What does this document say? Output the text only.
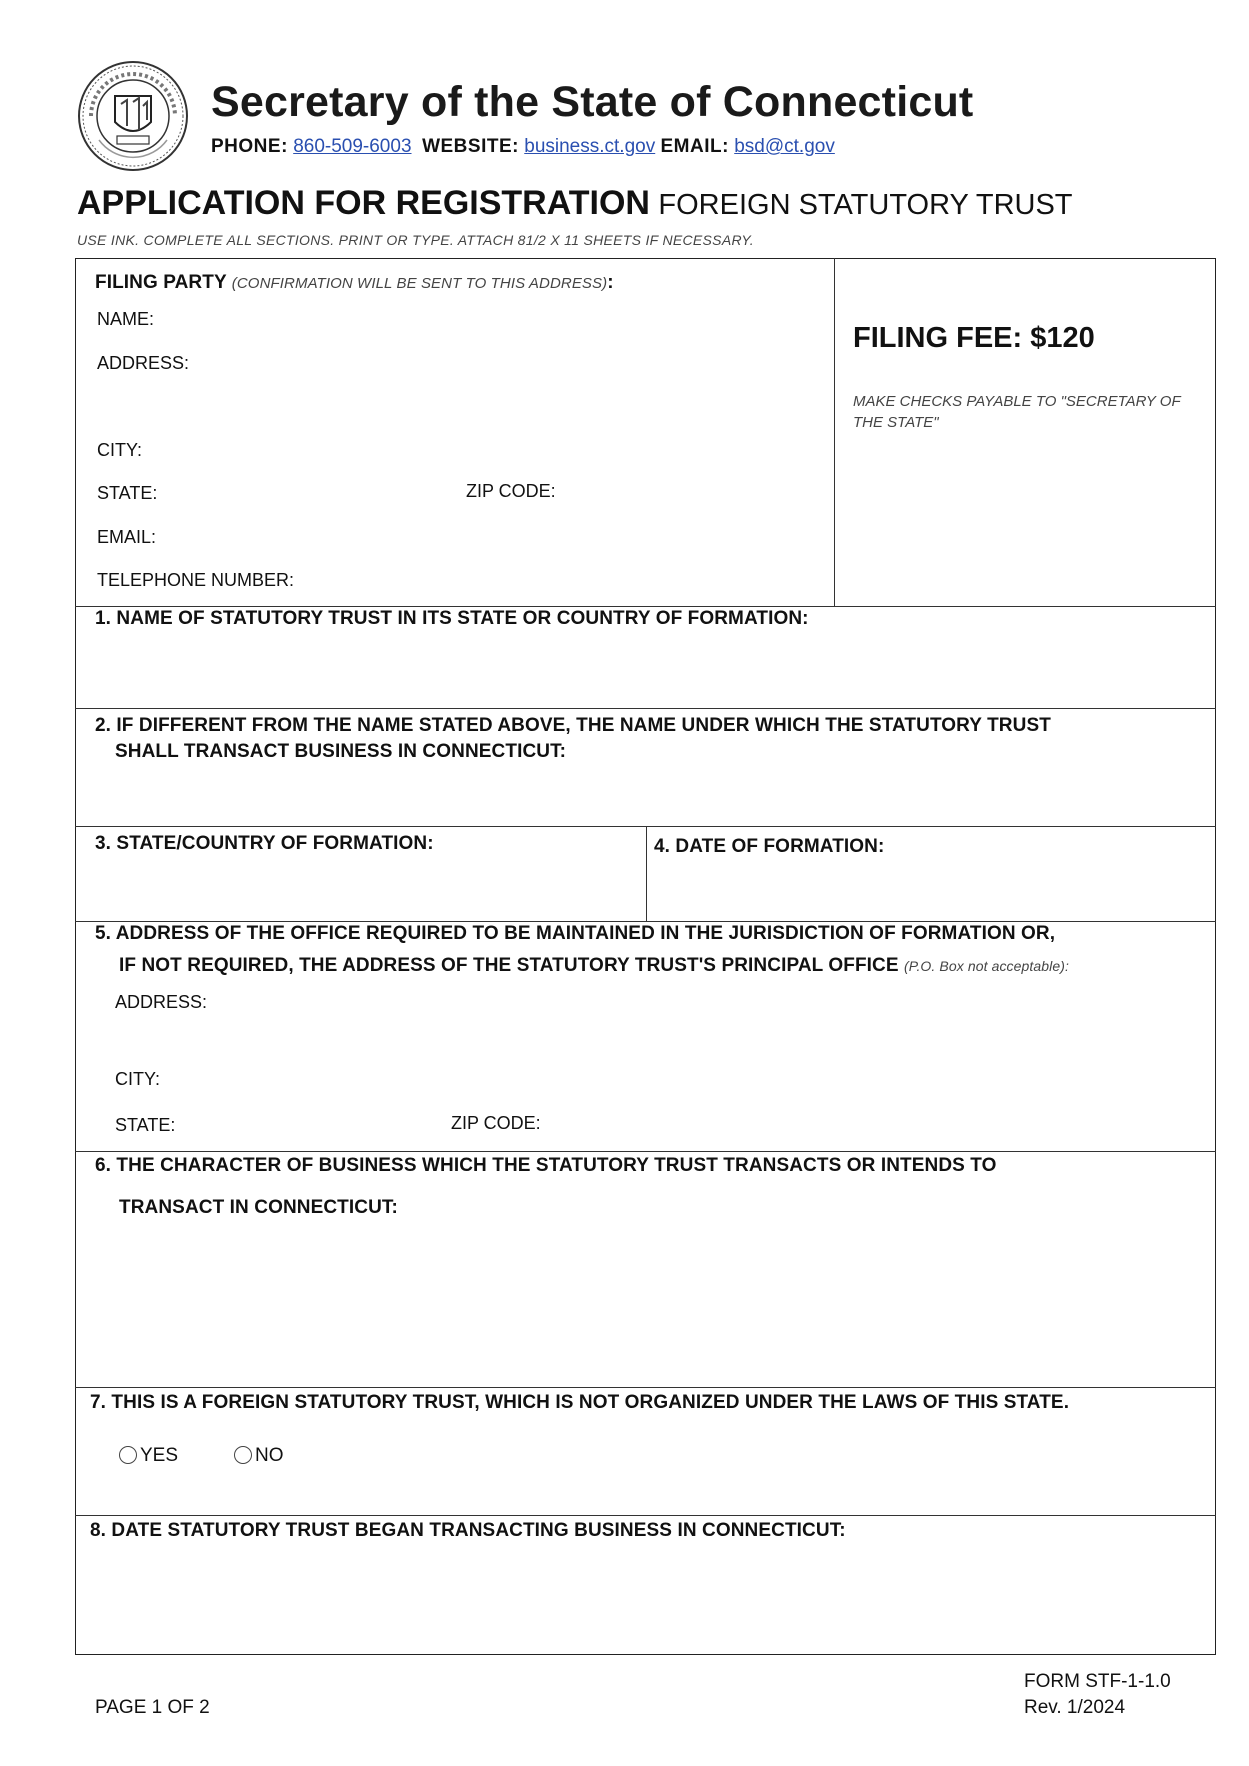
Secretary of the State of Connecticut
PHONE: 860-509-6003 WEBSITE: business.ct.gov EMAIL: bsd@ct.gov
APPLICATION FOR REGISTRATION FOREIGN STATUTORY TRUST
USE INK. COMPLETE ALL SECTIONS. PRINT OR TYPE. ATTACH 81/2 X 11 SHEETS IF NECESSARY.
FILING PARTY (CONFIRMATION WILL BE SENT TO THIS ADDRESS):
NAME:
ADDRESS:
CITY:
STATE:	ZIP CODE:
EMAIL:
TELEPHONE NUMBER:
FILING FEE: $120
MAKE CHECKS PAYABLE TO "SECRETARY OF THE STATE"
1. NAME OF STATUTORY TRUST IN ITS STATE OR COUNTRY OF FORMATION:
2. IF DIFFERENT FROM THE NAME STATED ABOVE, THE NAME UNDER WHICH THE STATUTORY TRUST
SHALL TRANSACT BUSINESS IN CONNECTICUT:
3. STATE/COUNTRY OF FORMATION:	4. DATE OF FORMATION:
5. ADDRESS OF THE OFFICE REQUIRED TO BE MAINTAINED IN THE JURISDICTION OF FORMATION OR,
IF NOT REQUIRED, THE ADDRESS OF THE STATUTORY TRUST'S PRINCIPAL OFFICE (P.O. Box not acceptable):
ADDRESS:
CITY:
STATE:	ZIP CODE:
6. THE CHARACTER OF BUSINESS WHICH THE STATUTORY TRUST TRANSACTS OR INTENDS TO
TRANSACT IN CONNECTICUT:
7. THIS IS A FOREIGN STATUTORY TRUST, WHICH IS NOT ORGANIZED UNDER THE LAWS OF THIS STATE.
YES	NO
8. DATE STATUTORY TRUST BEGAN TRANSACTING BUSINESS IN CONNECTICUT:
PAGE 1 OF 2
FORM STF-1-1.0
Rev. 1/2024
